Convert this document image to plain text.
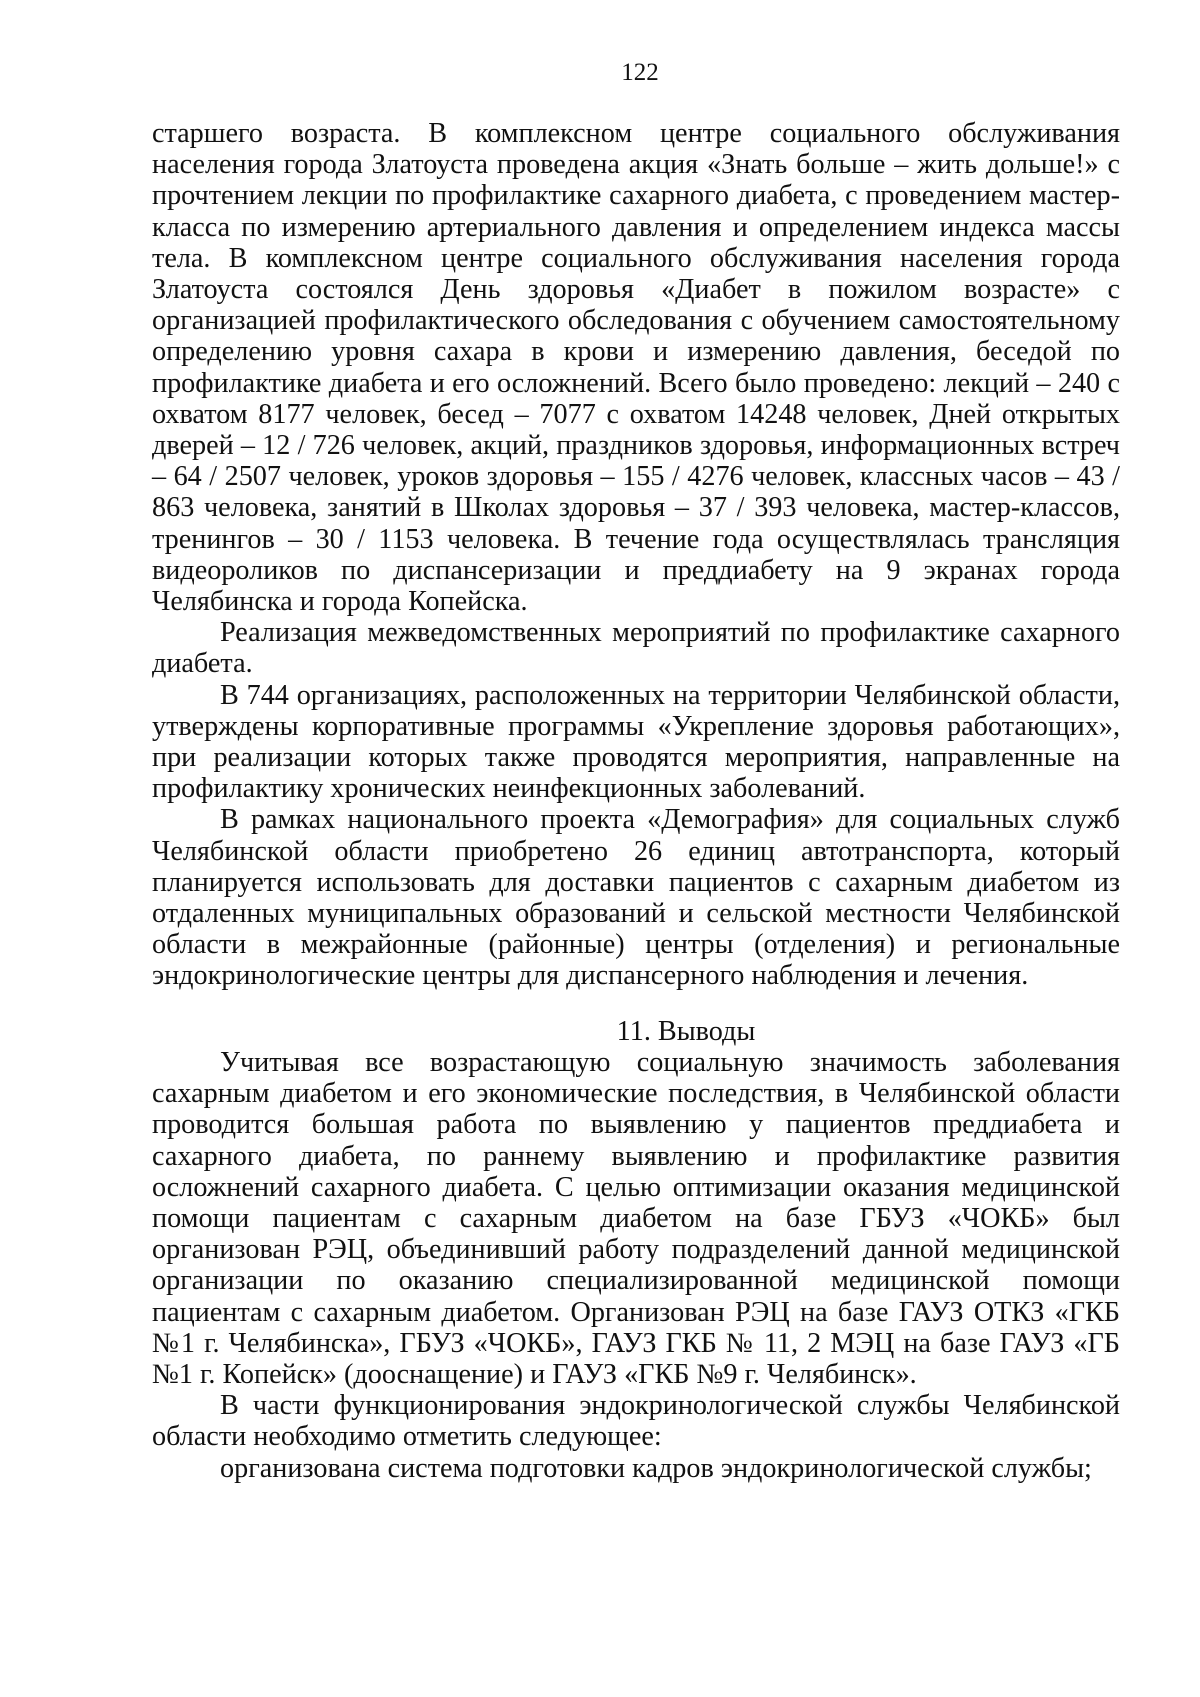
122

старшего возраста. В комплексном центре социального обслуживания населения города Златоуста проведена акция «Знать больше – жить дольше!» с прочтением лекции по профилактике сахарного диабета, с проведением мастер-класса по измерению артериального давления и определением индекса массы тела. В комплексном центре социального обслуживания населения города Златоуста состоялся День здоровья «Диабет в пожилом возрасте» с организацией профилактического обследования с обучением самостоятельному определению уровня сахара в крови и измерению давления, беседой по профилактике диабета и его осложнений. Всего было проведено: лекций – 240 с охватом 8177 человек, бесед – 7077 с охватом 14248 человек, Дней открытых дверей – 12 / 726 человек, акций, праздников здоровья, информационных встреч – 64 / 2507 человек, уроков здоровья – 155 / 4276 человек, классных часов – 43 / 863 человека, занятий в Школах здоровья – 37 / 393 человека, мастер-классов, тренингов – 30 / 1153 человека. В течение года осуществлялась трансляция видеороликов по диспансеризации и преддиабету на 9 экранах города Челябинска и города Копейска.

Реализация межведомственных мероприятий по профилактике сахарного диабета.

В 744 организациях, расположенных на территории Челябинской области, утверждены корпоративные программы «Укрепление здоровья работающих», при реализации которых также проводятся мероприятия, направленные на профилактику хронических неинфекционных заболеваний.

В рамках национального проекта «Демография» для социальных служб Челябинской области приобретено 26 единиц автотранспорта, который планируется использовать для доставки пациентов с сахарным диабетом из отдаленных муниципальных образований и сельской местности Челябинской области в межрайонные (районные) центры (отделения) и региональные эндокринологические центры для диспансерного наблюдения и лечения.

11. Выводы

Учитывая все возрастающую социальную значимость заболевания сахарным диабетом и его экономические последствия, в Челябинской области проводится большая работа по выявлению у пациентов преддиабета и сахарного диабета, по раннему выявлению и профилактике развития осложнений сахарного диабета. С целью оптимизации оказания медицинской помощи пациентам с сахарным диабетом на базе ГБУЗ «ЧОКБ» был организован РЭЦ, объединивший работу подразделений данной медицинской организации по оказанию специализированной медицинской помощи пациентам с сахарным диабетом. Организован РЭЦ на базе ГАУЗ ОТКЗ «ГКБ №1 г. Челябинска», ГБУЗ «ЧОКБ», ГАУЗ ГКБ № 11, 2 МЭЦ на базе ГАУЗ «ГБ №1 г. Копейск» (дооснащение) и ГАУЗ «ГКБ №9 г. Челябинск».

В части функционирования эндокринологической службы Челябинской области необходимо отметить следующее:

организована система подготовки кадров эндокринологической службы;
